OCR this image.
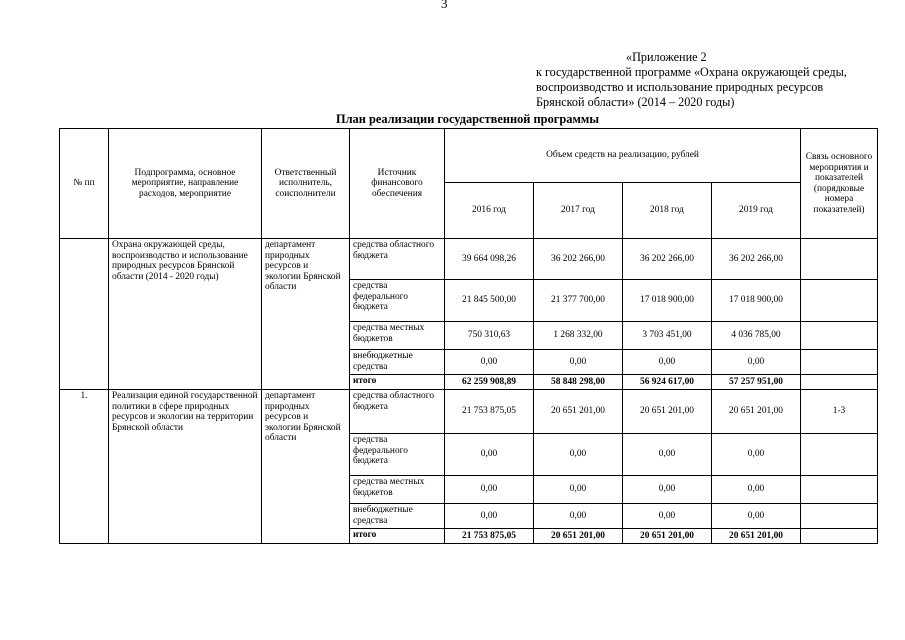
3
«Приложение 2
к государственной программе «Охрана окружающей среды,
воспроизводство и использование природных ресурсов
Брянской области» (2014 – 2020 годы)
План реализации государственной программы
№ пп	Подпрограмма, основное мероприятие, направление расходов, мероприятие	Ответственный исполнитель, соисполнители	Источник финансового обеспечения	Объем средств на реализацию, рублей				Связь основного мероприятия и показателей (порядковые номера показателей)
				2016 год	2017 год	2018 год	2019 год	
	Охрана окружающей среды, воспроизводство и использование природных ресурсов Брянской области (2014 - 2020 годы)	департамент природных ресурсов и экологии Брянской области	средства областного бюджета	39 664 098,26	36 202 266,00	36 202 266,00	36 202 266,00	
			средства федерального бюджета	21 845 500,00	21 377 700,00	17 018 900,00	17 018 900,00	
			средства местных бюджетов	750 310,63	1 268 332,00	3 703 451,00	4 036 785,00	
			внебюджетные средства	0,00	0,00	0,00	0,00	
			итого	62 259 908,89	58 848 298,00	56 924 617,00	57 257 951,00	
1.	Реализация единой государственной политики в сфере природных ресурсов и экологии на территории Брянской области	департамент природных ресурсов и экологии Брянской области	средства областного бюджета	21 753 875,05	20 651 201,00	20 651 201,00	20 651 201,00	1-3
			средства федерального бюджета	0,00	0,00	0,00	0,00	
			средства местных бюджетов	0,00	0,00	0,00	0,00	
			внебюджетные средства	0,00	0,00	0,00	0,00	
			итого	21 753 875,05	20 651 201,00	20 651 201,00	20 651 201,00	
